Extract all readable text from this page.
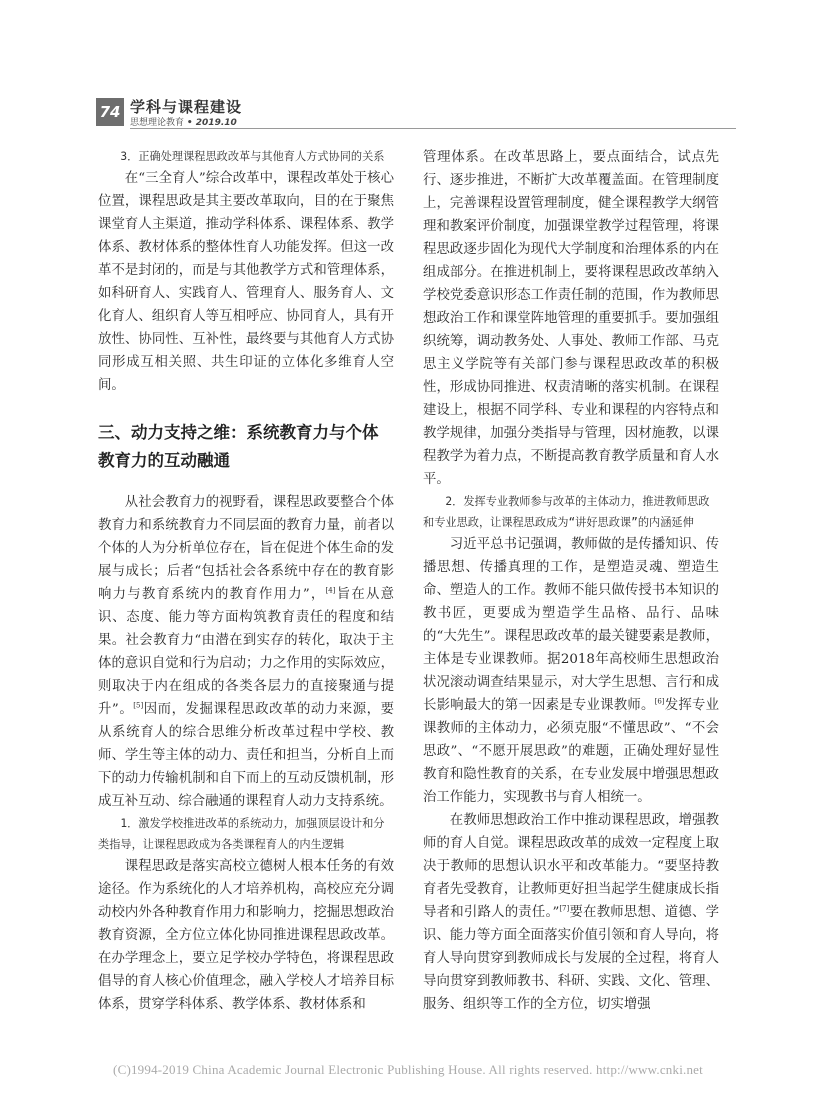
74 学科与课程建设
思想理论教育 • 2019.10

3．正确处理课程思政改革与其他育人方式协同的关系

在“三全育人”综合改革中，课程改革处于核心位置，课程思政是其主要改革取向，目的在于聚焦课堂育人主渠道，推动学科体系、课程体系、教学体系、教材体系的整体性育人功能发挥。但这一改革不是封闭的，而是与其他教学方式和管理体系，如科研育人、实践育人、管理育人、服务育人、文化育人、组织育人等互相呼应、协同育人，具有开放性、协同性、互补性，最终要与其他育人方式协同形成互相关照、共生印证的立体化多维育人空间。

三、动力支持之维：系统教育力与个体教育力的互动融通

从社会教育力的视野看，课程思政要整合个体教育力和系统教育力不同层面的教育力量，前者以个体的人为分析单位存在，旨在促进个体生命的发展与成长；后者“包括社会各系统中存在的教育影响力与教育系统内的教育作用力”，[4]旨在从意识、态度、能力等方面构筑教育责任的程度和结果。社会教育力“由潜在到实存的转化，取决于主体的意识自觉和行为启动；力之作用的实际效应，则取决于内在组成的各类各层力的直接聚通与提升”。[5]因而，发掘课程思政改革的动力来源，要从系统育人的综合思维分析改革过程中学校、教师、学生等主体的动力、责任和担当，分析自上而下的动力传输机制和自下而上的互动反馈机制，形成互补互动、综合融通的课程育人动力支持系统。

1．激发学校推进改革的系统动力，加强顶层设计和分类指导，让课程思政成为各类课程育人的内生逻辑

课程思政是落实高校立德树人根本任务的有效途径。作为系统化的人才培养机构，高校应充分调动校内外各种教育作用力和影响力，挖掘思想政治教育资源，全方位立体化协同推进课程思政改革。在办学理念上，要立足学校办学特色，将课程思政倡导的育人核心价值理念，融入学校人才培养目标体系，贯穿学科体系、教学体系、教材体系和

管理体系。在改革思路上，要点面结合，试点先行、逐步推进，不断扩大改革覆盖面。在管理制度上，完善课程设置管理制度，健全课程教学大纲管理和教案评价制度，加强课堂教学过程管理，将课程思政逐步固化为现代大学制度和治理体系的内在组成部分。在推进机制上，要将课程思政改革纳入学校党委意识形态工作责任制的范围，作为教师思想政治工作和课堂阵地管理的重要抓手。要加强组织统筹，调动教务处、人事处、教师工作部、马克思主义学院等有关部门参与课程思政改革的积极性，形成协同推进、权责清晰的落实机制。在课程建设上，根据不同学科、专业和课程的内容特点和教学规律，加强分类指导与管理，因材施教，以课程教学为着力点，不断提高教育教学质量和育人水平。

2．发挥专业教师参与改革的主体动力，推进教师思政和专业思政，让课程思政成为“讲好思政课”的内涵延伸

习近平总书记强调，教师做的是传播知识、传播思想、传播真理的工作，是塑造灵魂、塑造生命、塑造人的工作。教师不能只做传授书本知识的教书匠，更要成为塑造学生品格、品行、品味的“大先生”。课程思政改革的最关键要素是教师，主体是专业课教师。据2018年高校师生思想政治状况滚动调查结果显示，对大学生思想、言行和成长影响最大的第一因素是专业课教师。[6]发挥专业课教师的主体动力，必须克服“不懂思政”、“不会思政”、“不愿开展思政”的难题，正确处理好显性教育和隐性教育的关系，在专业发展中增强思想政治工作能力，实现教书与育人相统一。

在教师思想政治工作中推动课程思政，增强教师的育人自觉。课程思政改革的成效一定程度上取决于教师的思想认识水平和改革能力。“要坚持教育者先受教育，让教师更好担当起学生健康成长指导者和引路人的责任。”[7]要在教师思想、道德、学识、能力等方面全面落实价值引领和育人导向，将育人导向贯穿到教师成长与发展的全过程，将育人导向贯穿到教师教书、科研、实践、文化、管理、服务、组织等工作的全方位，切实增强

(C)1994-2019 China Academic Journal Electronic Publishing House. All rights reserved. http://www.cnki.net
